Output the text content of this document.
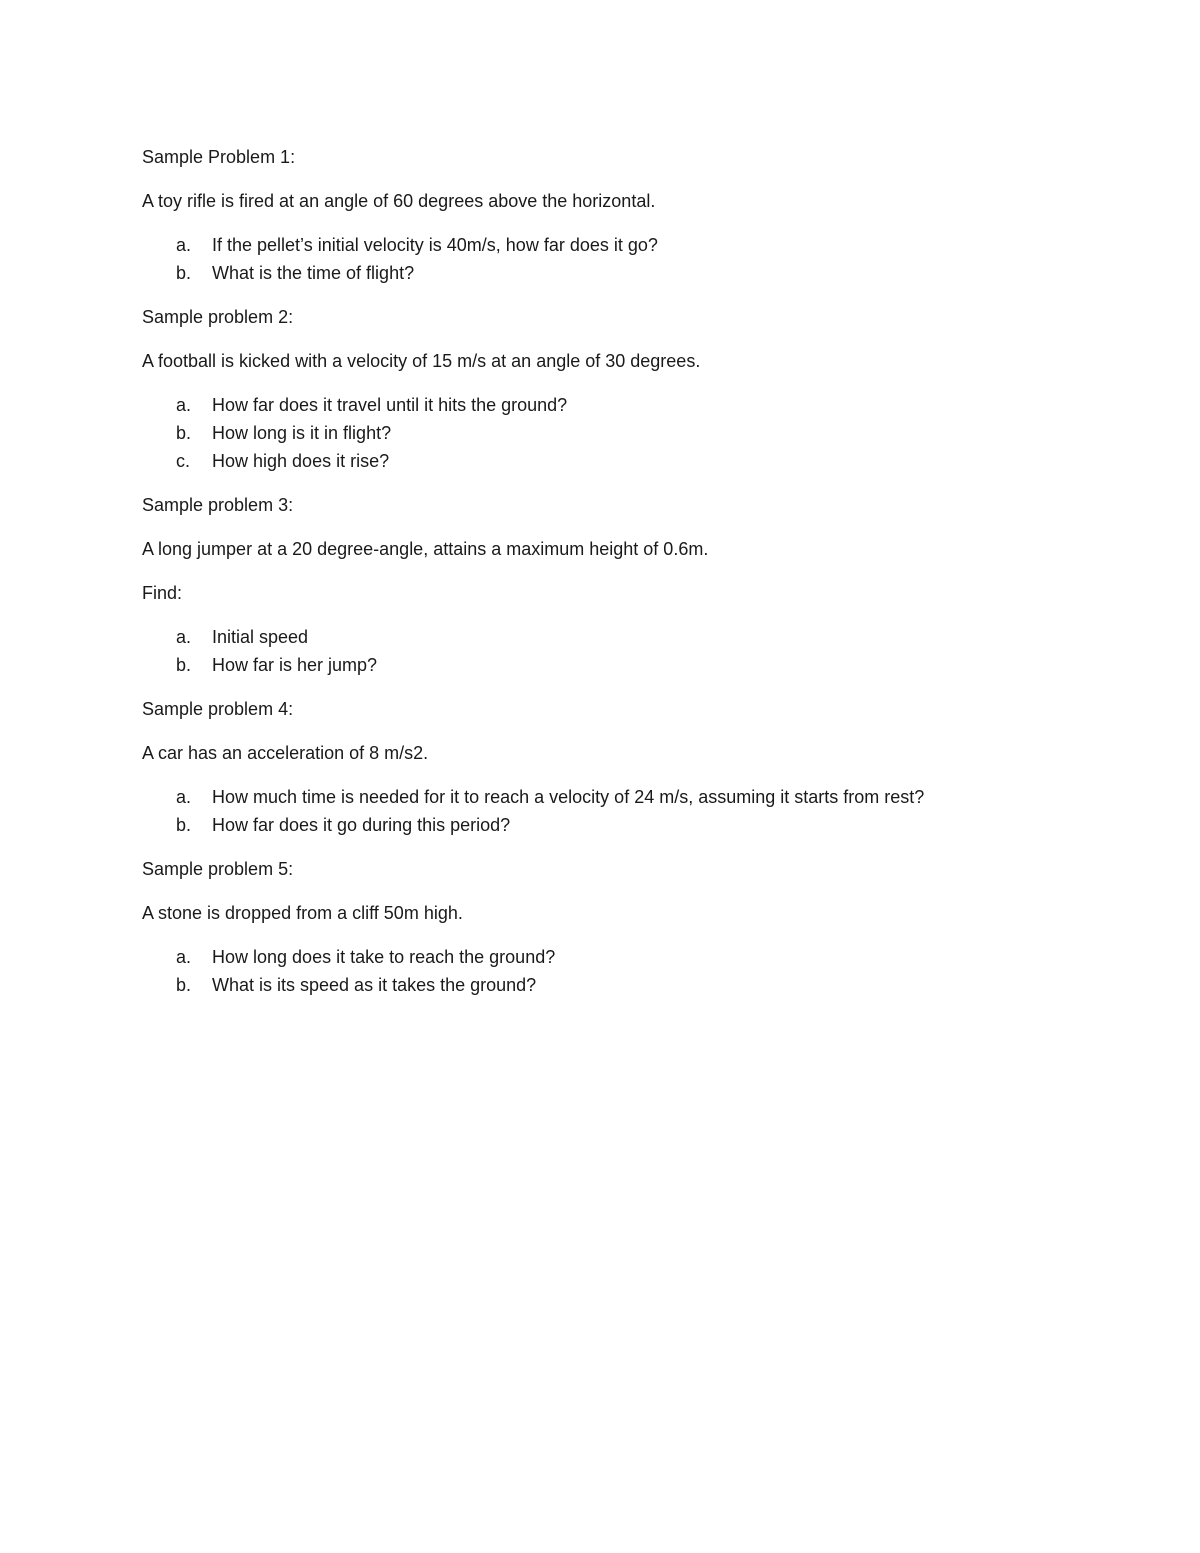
Sample Problem 1:

A toy rifle is fired at an angle of 60 degrees above the horizontal.

a.	If the pellet’s initial velocity is 40m/s, how far does it go?
b.	What is the time of flight?

Sample problem 2:

A football is kicked with a velocity of 15 m/s at an angle of 30 degrees.

a.	How far does it travel until it hits the ground?
b.	How long is it in flight?
c.	How high does it rise?

Sample problem 3:

A long jumper at a 20 degree-angle, attains a maximum height of 0.6m.

Find:

a.	Initial speed
b.	How far is her jump?

Sample problem 4:

A car has an acceleration of 8 m/s2.

a.	How much time is needed for it to reach a velocity of 24 m/s, assuming it starts from rest?
b.	How far does it go during this period?

Sample problem 5:

A stone is dropped from a cliff 50m high.

a.	How long does it take to reach the ground?
b.	What is its speed as it takes the ground?
